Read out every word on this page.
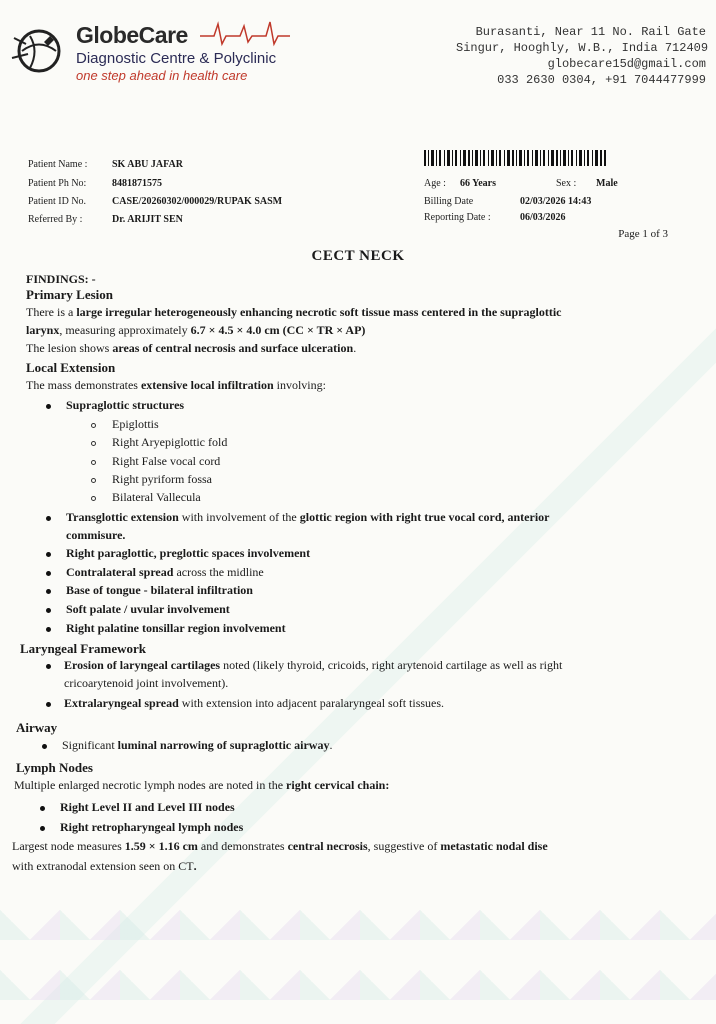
GlobeCare
Diagnostic Centre & Polyclinic
one step ahead in health care
Burasanti, Near 11 No. Rail Gate
Singur, Hooghly, W.B., India 712409
globecare15d@gmail.com
033 2630 0304, +91 7044477999
Patient Name : SK ABU JAFAR
Patient Ph No:	8481871575
Patient ID No.	CASE/20260302/000029/RUPAK SASM
Referred By :	Dr. ARIJIT SEN
Age : 66 Years	Sex : Male
Billing Date	02/03/2026 14:43
Reporting Date :	06/03/2026
Page 1 of 3
CECT NECK
FINDINGS: -
Primary Lesion
There is a large irregular heterogeneously enhancing necrotic soft tissue mass centered in the supraglottic
larynx, measuring approximately 6.7 × 4.5 × 4.0 cm (CC × TR × AP)
The lesion shows areas of central necrosis and surface ulceration.
Local Extension
The mass demonstrates extensive local infiltration involving:
Supraglottic structures
Epiglottis
Right Aryepiglottic fold
Right False vocal cord
Right pyriform fossa
Bilateral Vallecula
Transglottic extension with involvement of the glottic region with right true vocal cord, anterior
commisure.
Right paraglottic, preglottic spaces involvement
Contralateral spread across the midline
Base of tongue - bilateral infiltration
Soft palate / uvular involvement
Right palatine tonsillar region involvement
Laryngeal Framework
Erosion of laryngeal cartilages noted (likely thyroid, cricoids, right arytenoid cartilage as well as right
cricoarytenoid joint involvement).
Extralaryngeal spread with extension into adjacent paralaryngeal soft tissues.
Airway
Significant luminal narrowing of supraglottic airway.
Lymph Nodes
Multiple enlarged necrotic lymph nodes are noted in the right cervical chain:
Right Level II and Level III nodes
Right retropharyngeal lymph nodes
Largest node measures 1.59 × 1.16 cm and demonstrates central necrosis, suggestive of metastatic nodal dise
with extranodal extension seen on CT.
